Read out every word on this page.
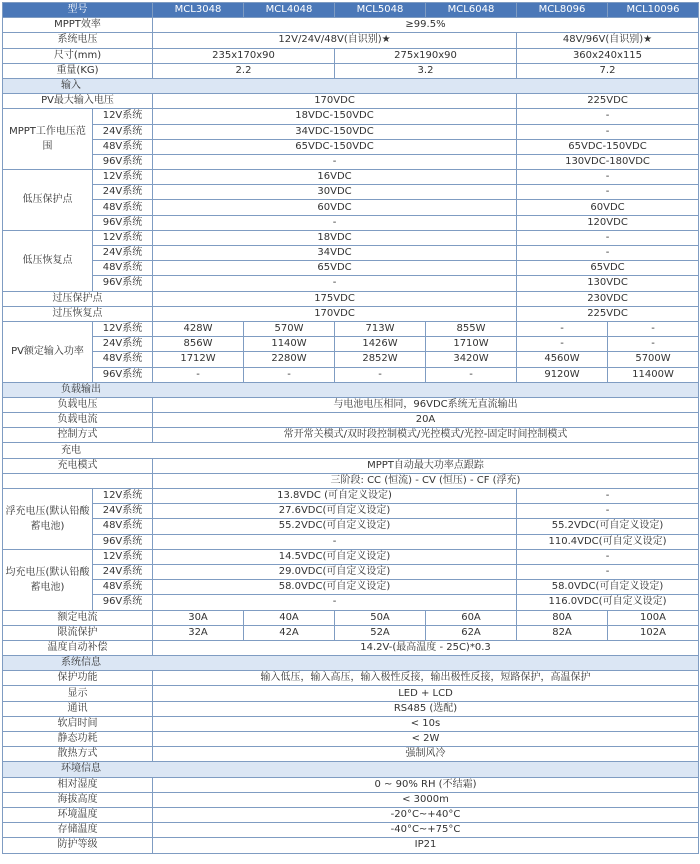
型号		MCL3048	MCL4048	MCL5048	MCL6048	MCL8096	MCL10096
MPPT效率		≥99.5%					
系统电压		12V/24V/48V(自识别)★				48V/96V(自识别)★	
尺寸(mm)		235x170x90		275x190x90		360x240x115	
重量(KG)		2.2		3.2		7.2	
输入							
PV最大输入电压		170VDC				225VDC	
MPPT工作电压范围	12V系统	18VDC-150VDC				-	
	24V系统	34VDC-150VDC				-	
	48V系统	65VDC-150VDC				65VDC-150VDC	
	96V系统	-				130VDC-180VDC	
低压保护点	12V系统	16VDC				-	
	24V系统	30VDC				-	
	48V系统	60VDC				60VDC	
	96V系统	-				120VDC	
低压恢复点	12V系统	18VDC				-	
	24V系统	34VDC				-	
	48V系统	65VDC				65VDC	
	96V系统	-				130VDC	
过压保护点		175VDC				230VDC	
过压恢复点		170VDC				225VDC	
PV额定输入功率	12V系统	428W	570W	713W	855W	-	-
	24V系统	856W	1140W	1426W	1710W	-	-
	48V系统	1712W	2280W	2852W	3420W	4560W	5700W
	96V系统	-	-	-	-	9120W	11400W
负载输出							
负载电压		与电池电压相同，96VDC系统无直流输出					
负载电流		20A					
控制方式		常开常关模式/双时段控制模式/光控模式/光控-固定时间控制模式					
充电							
充电模式		MPPT自动最大功率点跟踪					
		三阶段: CC (恒流) - CV (恒压) - CF (浮充)					
浮充电压(默认铅酸蓄电池)	12V系统	13.8VDC (可自定义设定)				-	
	24V系统	27.6VDC(可自定义设定)				-	
	48V系统	55.2VDC(可自定义设定)				55.2VDC(可自定义设定)	
	96V系统	-				110.4VDC(可自定义设定)	
均充电压(默认铅酸蓄电池)	12V系统	14.5VDC(可自定义设定)				-	
	24V系统	29.0VDC(可自定义设定)				-	
	48V系统	58.0VDC(可自定义设定)				58.0VDC(可自定义设定)	
	96V系统	-				116.0VDC(可自定义设定)	
额定电流		30A	40A	50A	60A	80A	100A
限流保护		32A	42A	52A	62A	82A	102A
温度自动补偿		14.2V-(最高温度 - 25C)*0.3					
系统信息							
保护功能		输入低压，输入高压，输入极性反接，输出极性反接，短路保护，高温保护					
显示		LED + LCD					
通讯		RS485 (选配)					
软启时间		< 10s					
静态功耗		< 2W					
散热方式		强制风冷					
环境信息							
相对湿度		0 ~ 90% RH (不结霜)					
海拔高度		< 3000m					
环境温度		-20°C~+40°C					
存储温度		-40°C~+75°C					
防护等级		IP21					
